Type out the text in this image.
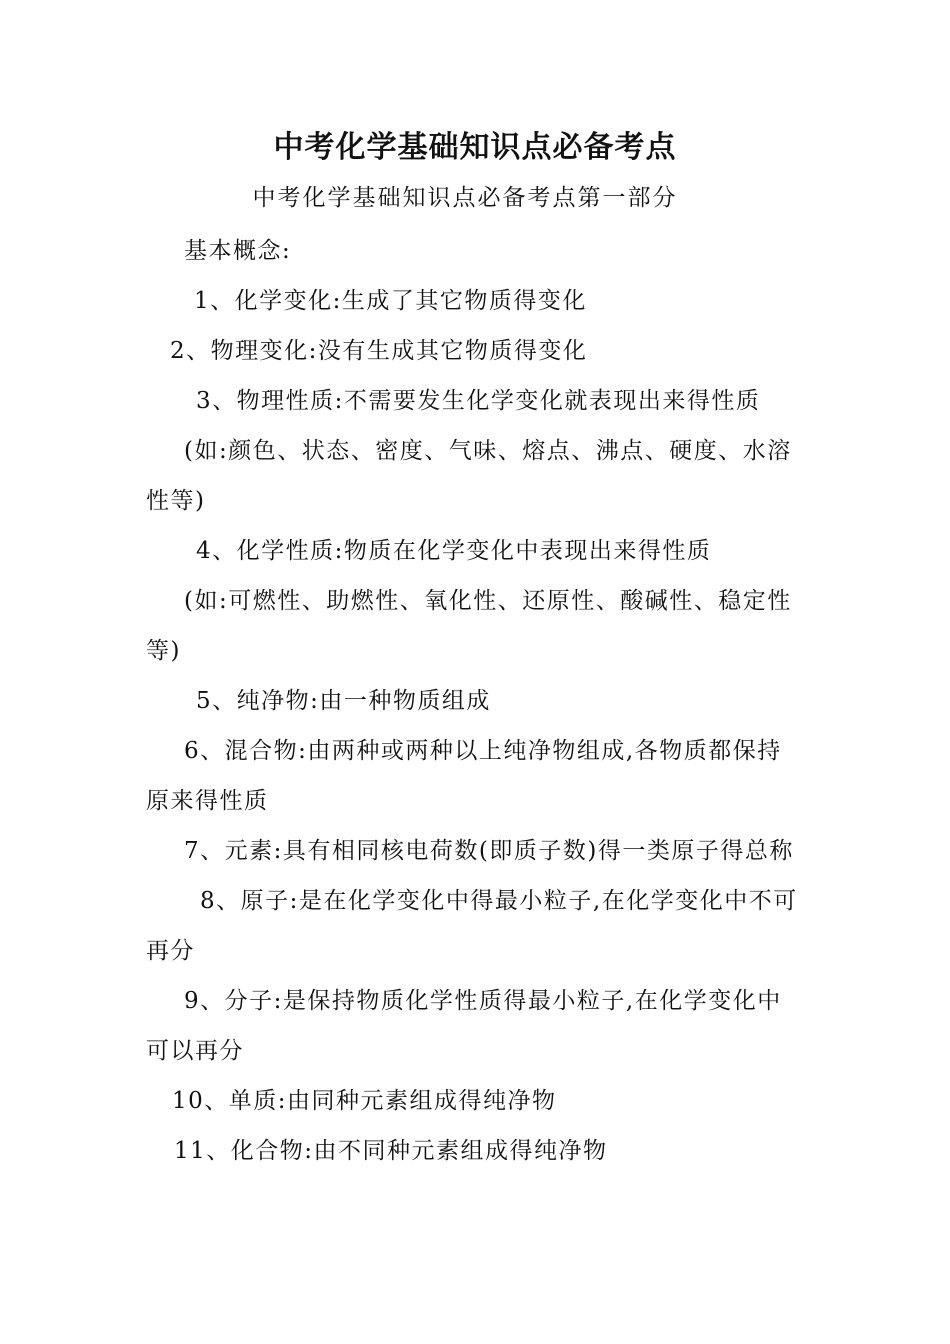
中考化学基础知识点必备考点
中考化学基础知识点必备考点第一部分

基本概念:

1、化学变化:生成了其它物质得变化

2、物理变化:没有生成其它物质得变化

3、物理性质:不需要发生化学变化就表现出来得性质

(如:颜色、状态、密度、气味、熔点、沸点、硬度、水溶性等)

4、化学性质:物质在化学变化中表现出来得性质

(如:可燃性、助燃性、氧化性、还原性、酸碱性、稳定性等)

5、纯净物:由一种物质组成

6、混合物:由两种或两种以上纯净物组成,各物质都保持原来得性质

7、元素:具有相同核电荷数(即质子数)得一类原子得总称

8、原子:是在化学变化中得最小粒子,在化学变化中不可再分

9、分子:是保持物质化学性质得最小粒子,在化学变化中可以再分

10、单质:由同种元素组成得纯净物

11、化合物:由不同种元素组成得纯净物
